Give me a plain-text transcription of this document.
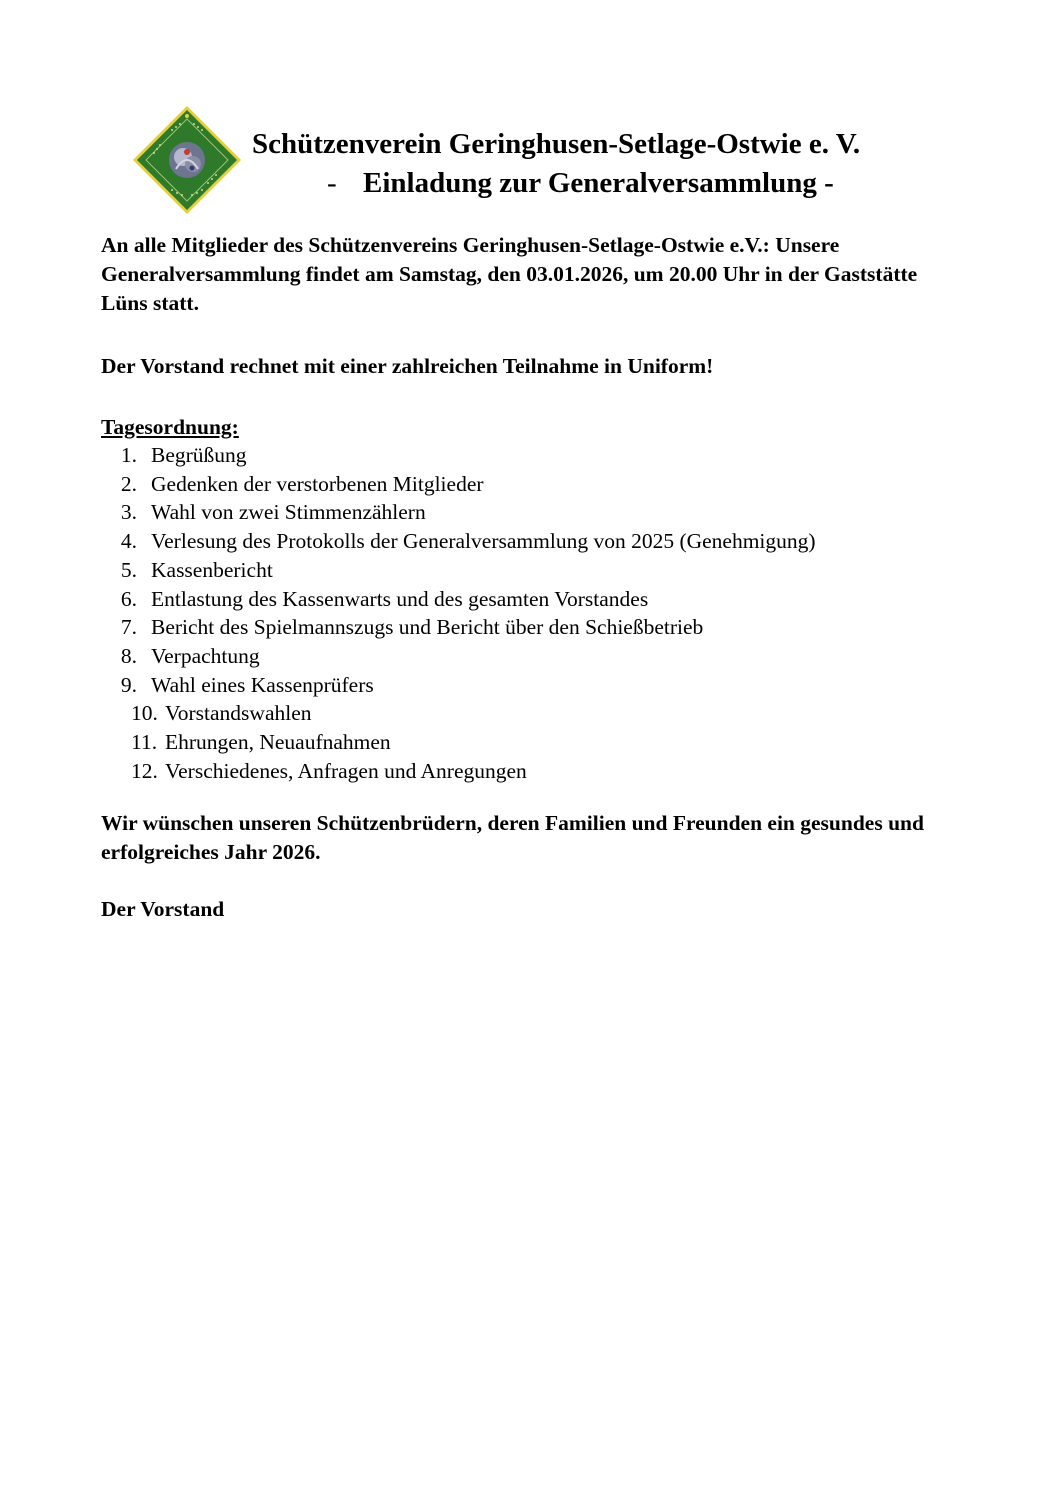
Schützenverein Geringhusen-Setlage-Ostwie e. V.
- Einladung zur Generalversammlung -
An alle Mitglieder des Schützenvereins Geringhusen-Setlage-Ostwie e.V.: Unsere Generalversammlung findet am Samstag, den 03.01.2026, um 20.00 Uhr in der Gaststätte Lüns statt.
Der Vorstand rechnet mit einer zahlreichen Teilnahme in Uniform!
Tagesordnung:
1. Begrüßung
2. Gedenken der verstorbenen Mitglieder
3. Wahl von zwei Stimmenzählern
4. Verlesung des Protokolls der Generalversammlung von 2025 (Genehmigung)
5. Kassenbericht
6. Entlastung des Kassenwarts und des gesamten Vorstandes
7. Bericht des Spielmannszugs und Bericht über den Schießbetrieb
8. Verpachtung
9. Wahl eines Kassenprüfers
10. Vorstandswahlen
11. Ehrungen, Neuaufnahmen
12. Verschiedenes, Anfragen und Anregungen
Wir wünschen unseren Schützenbrüdern, deren Familien und Freunden ein gesundes und erfolgreiches Jahr 2026.
Der Vorstand
